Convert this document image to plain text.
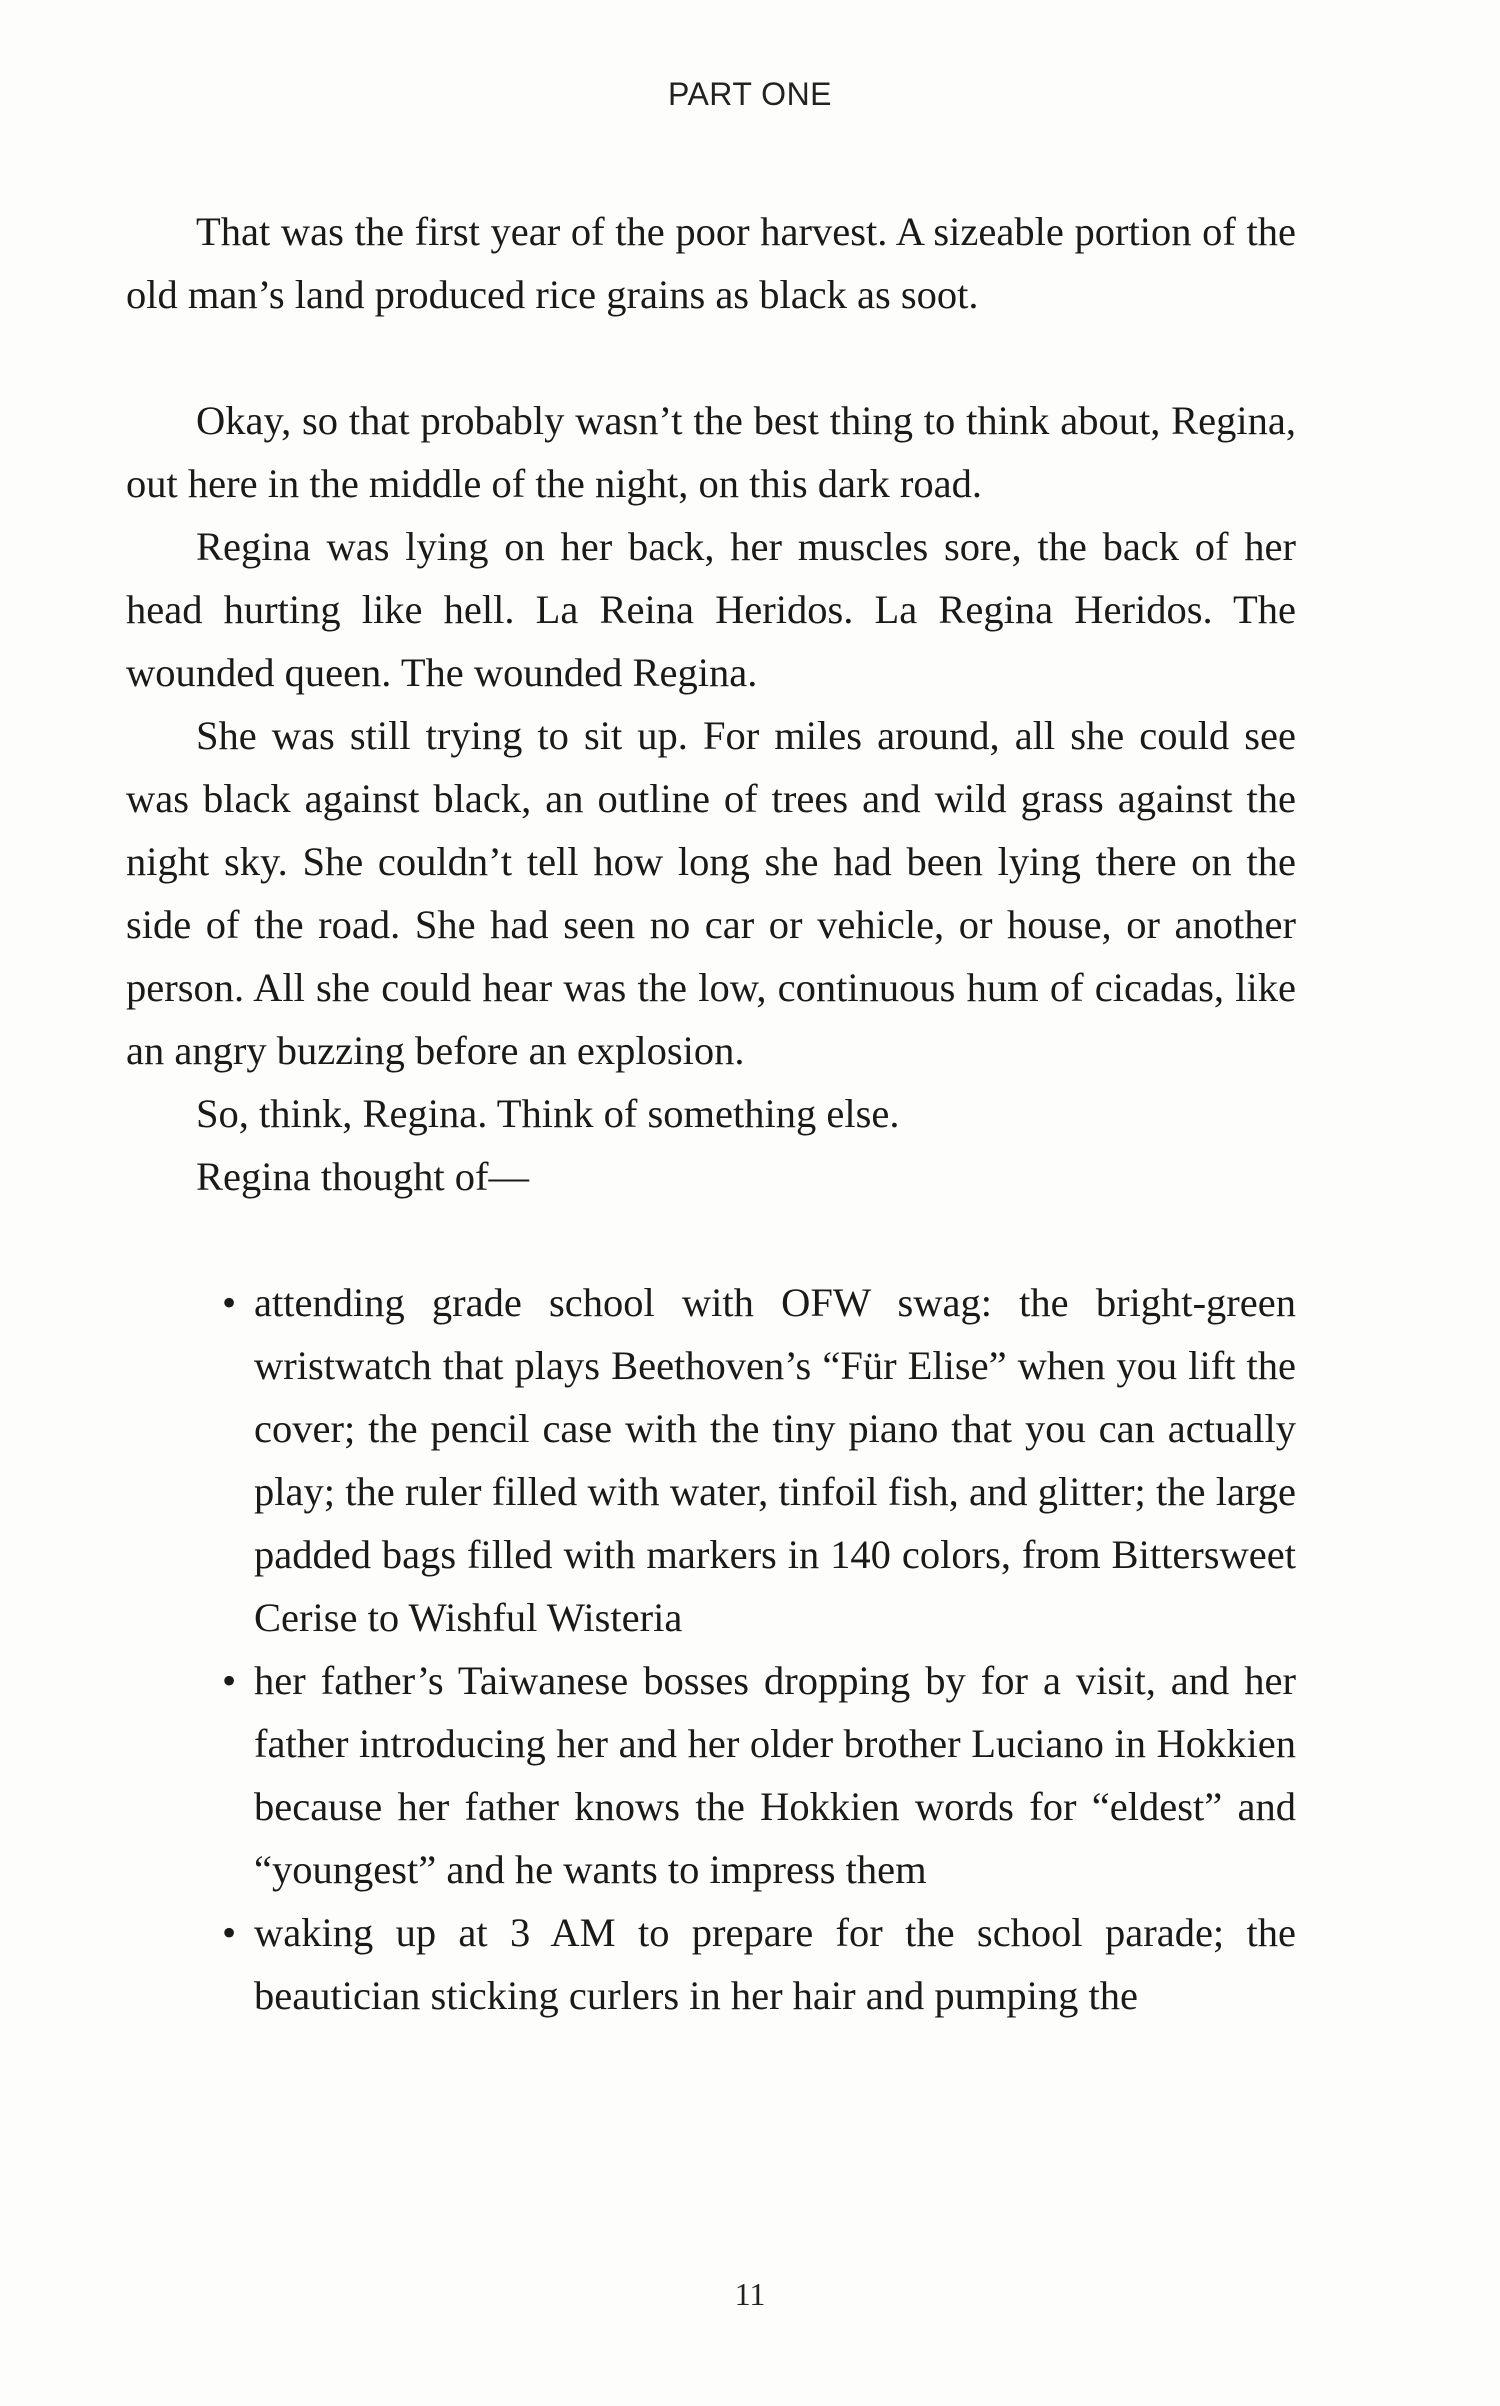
PART ONE

That was the first year of the poor harvest. A sizeable portion of the old man’s land produced rice grains as black as soot.

Okay, so that probably wasn’t the best thing to think about, Regina, out here in the middle of the night, on this dark road.

Regina was lying on her back, her muscles sore, the back of her head hurting like hell. La Reina Heridos. La Regina Heridos. The wounded queen. The wounded Regina.

She was still trying to sit up. For miles around, all she could see was black against black, an outline of trees and wild grass against the night sky. She couldn’t tell how long she had been lying there on the side of the road. She had seen no car or vehicle, or house, or another person. All she could hear was the low, continuous hum of cicadas, like an angry buzzing before an explosion.

So, think, Regina. Think of something else.

Regina thought of—

• attending grade school with OFW swag: the bright-green wristwatch that plays Beethoven’s “Für Elise” when you lift the cover; the pencil case with the tiny piano that you can actually play; the ruler filled with water, tinfoil fish, and glitter; the large padded bags filled with markers in 140 colors, from Bittersweet Cerise to Wishful Wisteria
• her father’s Taiwanese bosses dropping by for a visit, and her father introducing her and her older brother Luciano in Hokkien because her father knows the Hokkien words for “eldest” and “youngest” and he wants to impress them
• waking up at 3 AM to prepare for the school parade; the beautician sticking curlers in her hair and pumping the
11
